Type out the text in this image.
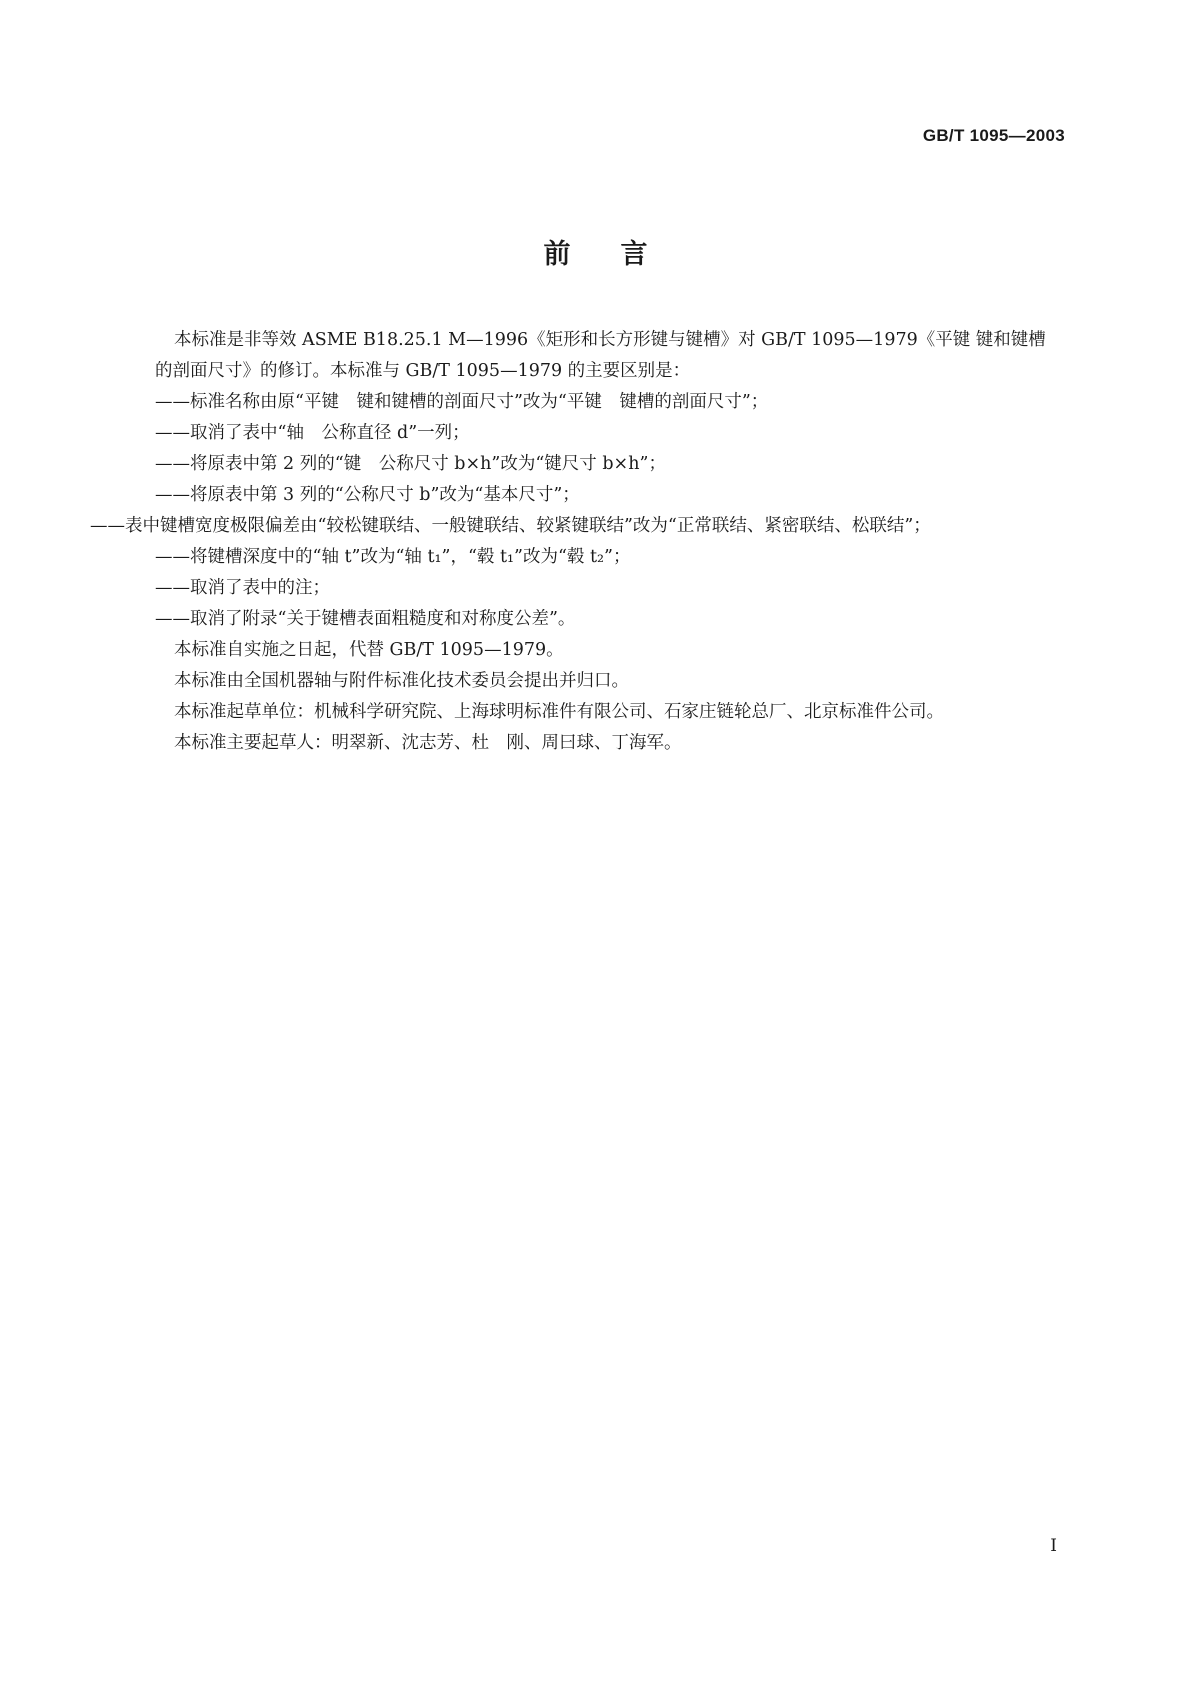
GB/T 1095—2003
前言

本标准是非等效 ASME B18.25.1 M—1996《矩形和长方形键与键槽》对 GB/T 1095—1979《平键 键和键槽的剖面尺寸》的修订。本标准与 GB/T 1095—1979 的主要区别是：

——标准名称由原“平键　键和键槽的剖面尺寸”改为“平键　键槽的剖面尺寸”；

——取消了表中“轴　公称直径 d”一列；

——将原表中第 2 列的“键　公称尺寸 b×h”改为“键尺寸 b×h”；

——将原表中第 3 列的“公称尺寸 b”改为“基本尺寸”；

——表中键槽宽度极限偏差由“较松键联结、一般键联结、较紧键联结”改为“正常联结、紧密联结、松联结”；

——将键槽深度中的“轴 t”改为“轴 t₁”，“毂 t₁”改为“毂 t₂”；

——取消了表中的注；

——取消了附录“关于键槽表面粗糙度和对称度公差”。

本标准自实施之日起，代替 GB/T 1095—1979。

本标准由全国机器轴与附件标准化技术委员会提出并归口。

本标准起草单位：机械科学研究院、上海球明标准件有限公司、石家庄链轮总厂、北京标准件公司。

本标准主要起草人：明翠新、沈志芳、杜　刚、周曰球、丁海军。

I
